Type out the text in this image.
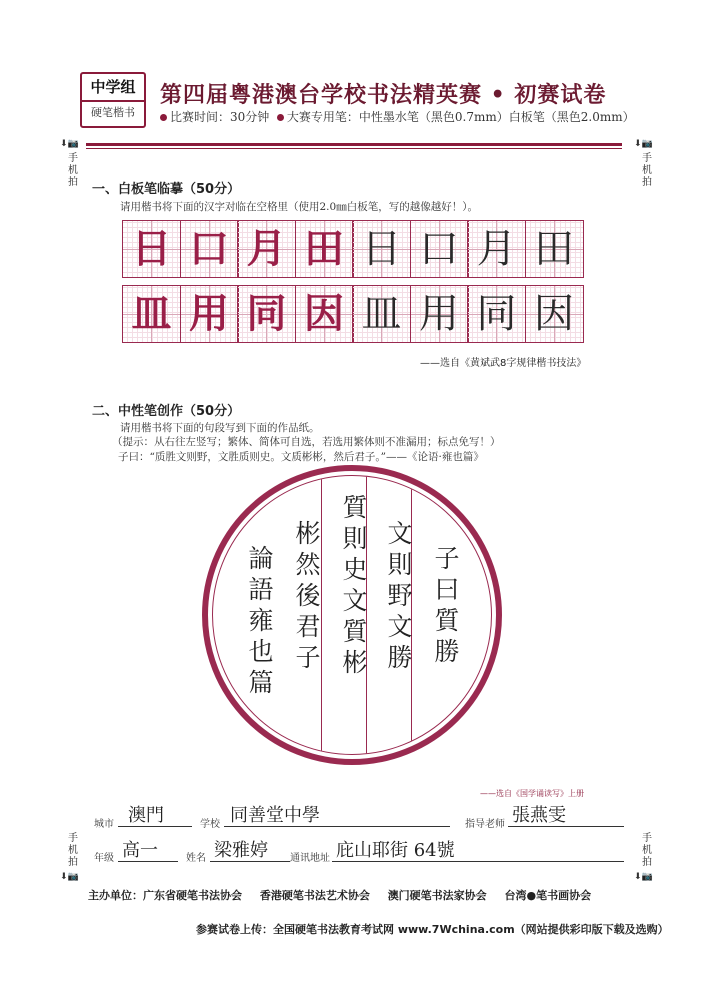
中学组
硬笔楷书
第四届粤港澳台学校书法精英赛 • 初赛试卷
比赛时间：30分钟 大赛专用笔：中性墨水笔（黑色0.7mm）白板笔（黑色2.0mm）
⬇📷
手机拍
⬇📷
手机拍
手机拍
⬇📷
手机拍
⬇📷
一、白板笔临摹（50分）
请用楷书将下面的汉字对临在空格里（使用2.0㎜白板笔，写的越像越好！）。
日 口 月 田 日 口 月 田
皿 用 同 因 皿 用 同 因
——选自《黄斌武8字规律楷书技法》
二、中性笔创作（50分）
请用楷书将下面的句段写到下面的作品纸。
（提示：从右往左竖写；繁体、简体可自选，若选用繁体则不准漏用；标点免写！）
子曰：“质胜文则野，文胜质则史。文质彬彬，然后君子。”——《论语·雍也篇》
子曰質勝
文則野文勝
質則史文質彬
彬然後君子
論語雍也篇
——选自《国学诵读写》上册
城市 澳門	学校 同善堂中學	指导老师 張燕雯
年级 高一	姓名 梁雅婷 通讯地址 庇山耶街 64號
主办单位：广东省硬笔书法协会 香港硬笔书法艺术协会 澳门硬笔书法家协会 台湾●笔书画协会
参赛试卷上传：全国硬笔书法教育考试网 www.7Wchina.com（网站提供彩印版下载及选购）
